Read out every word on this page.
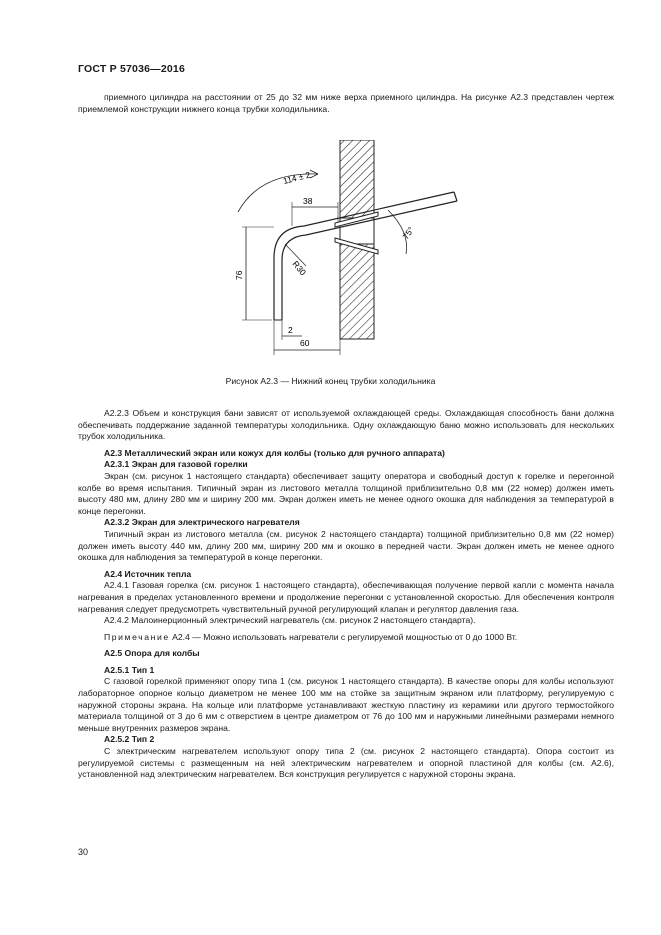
ГОСТ Р 57036—2016

приемного цилиндра на расстоянии от 25 до 32 мм ниже верха приемного цилиндра. На рисунке А2.3 представлен чертеж приемлемой конструкции нижнего конца трубки холодильника.

114 ± 2
38
75°
R30
76
2
60
Рисунок А2.3 — Нижний конец трубки холодильника

А2.2.3 Объем и конструкция бани зависят от используемой охлаждающей среды. Охлаждающая способность бани должна обеспечивать поддержание заданной температуры холодильника. Одну охлаждающую баню можно использовать для нескольких трубок холодильника.

А2.3 Металлический экран или кожух для колбы (только для ручного аппарата)

А2.3.1 Экран для газовой горелки

Экран (см. рисунок 1 настоящего стандарта) обеспечивает защиту оператора и свободный доступ к горелке и перегонной колбе во время испытания. Типичный экран из листового металла толщиной приблизительно 0,8 мм (22 номер) должен иметь высоту 480 мм, длину 280 мм и ширину 200 мм. Экран должен иметь не менее одного окошка для наблюдения за температурой в конце перегонки.

А2.3.2 Экран для электрического нагревателя

Типичный экран из листового металла (см. рисунок 2 настоящего стандарта) толщиной приблизительно 0,8 мм (22 номер) должен иметь высоту 440 мм, длину 200 мм, ширину 200 мм и окошко в передней части. Экран должен иметь не менее одного окошка для наблюдения за температурой в конце перегонки.

А2.4 Источник тепла

А2.4.1 Газовая горелка (см. рисунок 1 настоящего стандарта), обеспечивающая получение первой капли с момента начала нагревания в пределах установленного времени и продолжение перегонки с установленной скоростью. Для обеспечения контроля нагревания следует предусмотреть чувствительный ручной регулирующий клапан и регулятор давления газа.

А2.4.2 Малоинерционный электрический нагреватель (см. рисунок 2 настоящего стандарта).

Примечание А2.4 — Можно использовать нагреватели с регулируемой мощностью от 0 до 1000 Вт.

А2.5 Опора для колбы

А2.5.1 Тип 1

С газовой горелкой применяют опору типа 1 (см. рисунок 1 настоящего стандарта). В качестве опоры для колбы используют лабораторное опорное кольцо диаметром не менее 100 мм на стойке за защитным экраном или платформу, регулируемую с наружной стороны экрана. На кольце или платформе устанавливают жесткую пластину из керамики или другого термостойкого материала толщиной от 3 до 6 мм с отверстием в центре диаметром от 76 до 100 мм и наружными линейными размерами немного меньше внутренних размеров экрана.

А2.5.2 Тип 2

С электрическим нагревателем используют опору типа 2 (см. рисунок 2 настоящего стандарта). Опора состоит из регулируемой системы с размещенным на ней электрическим нагревателем и опорной пластиной для колбы (см. А2.6), установленной над электрическим нагревателем. Вся конструкция регулируется с наружной стороны экрана.

30
